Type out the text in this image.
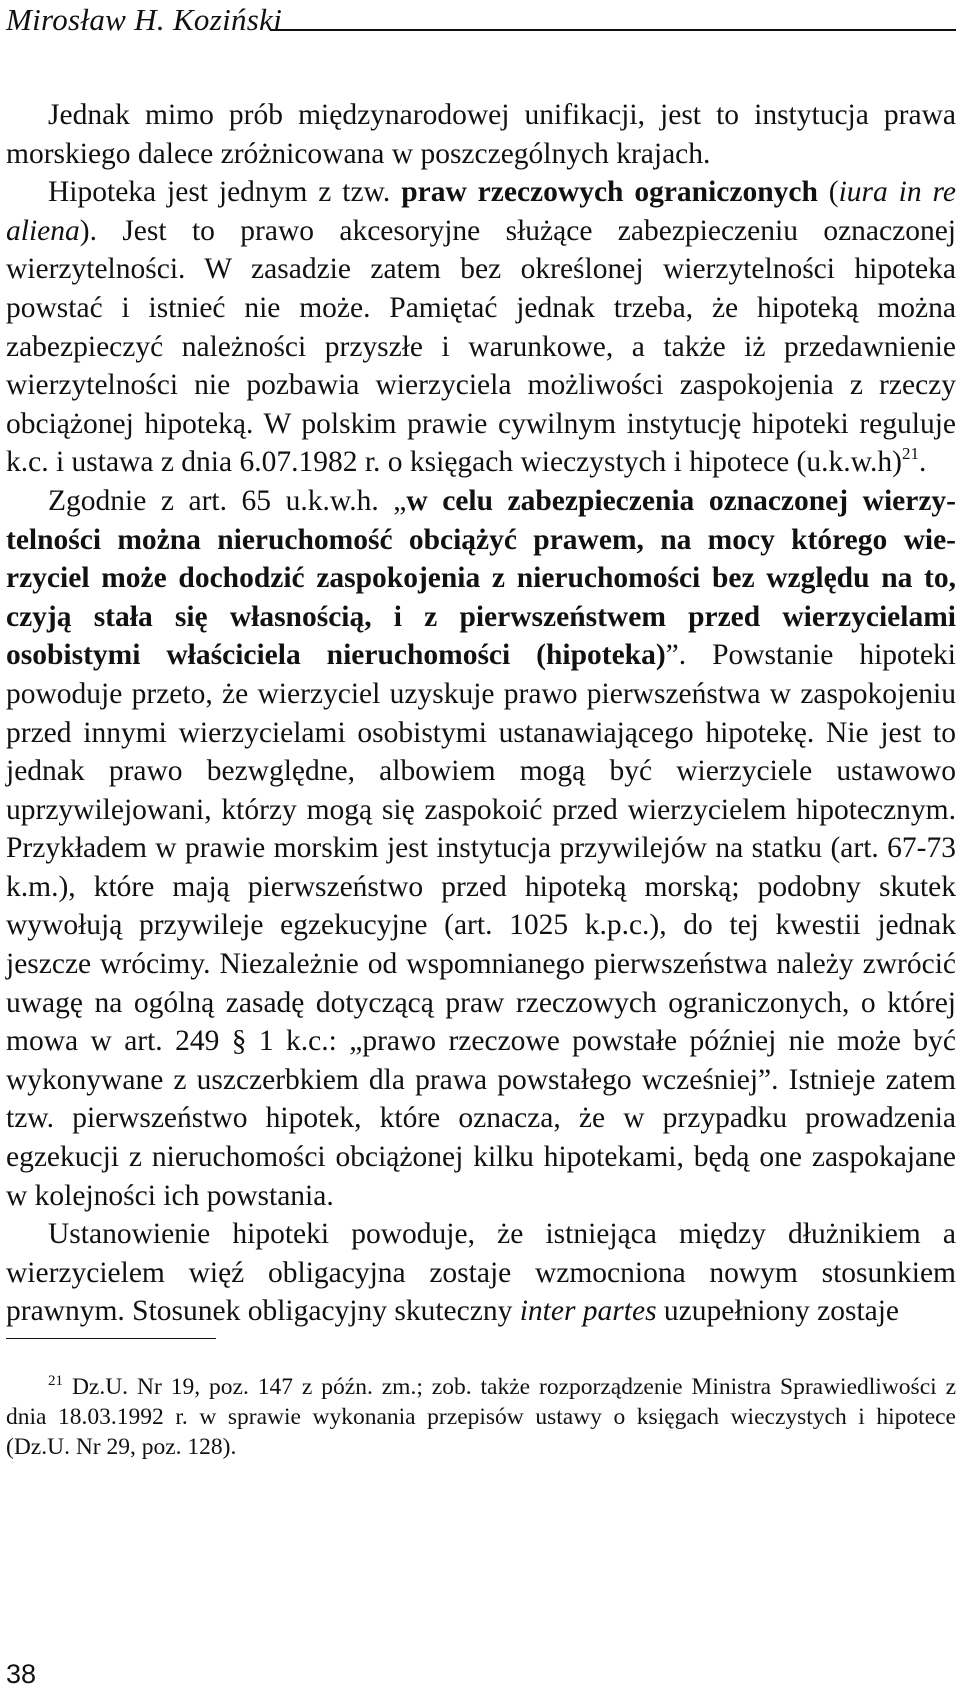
Mirosław H. Koziński

Jednak mimo prób międzynarodowej unifikacji, jest to instytucja prawa morskiego dalece zróżnicowana w poszczególnych krajach.

Hipoteka jest jednym z tzw. praw rzeczowych ograniczonych (iura in re aliena). Jest to prawo akcesoryjne służące zabezpieczeniu oznaczonej wierzytelności. W zasadzie zatem bez określonej wierzytelności hipoteka powstać i istnieć nie może. Pamiętać jednak trzeba, że hipoteką można zabezpieczyć należności przyszłe i warunkowe, a także iż przedawnienie wierzytelności nie pozbawia wierzyciela możliwości zaspokojenia z rzeczy obciążonej hipoteką. W polskim prawie cywilnym instytucję hipoteki reguluje k.c. i ustawa z dnia 6.07.1982 r. o księgach wieczystych i hipotece $(u.k.w.h)^{21}$.

Zgodnie z art. 65 u.k.w.h. „w celu zabezpieczenia oznaczonej wierzytelności można nieruchomość obciążyć prawem, na mocy którego wierzyciel może dochodzić zaspokojenia z nieruchomości bez względu na to, czyją stała się własnością, i z pierwszeństwem przed wierzycielami osobistymi właściciela nieruchomości (hipoteka)”. Powstanie hipoteki powoduje przeto, że wierzyciel uzyskuje prawo pierwszeństwa w zaspokojeniu przed innymi wierzycielami osobistymi ustanawiającego hipotekę. Nie jest to jednak prawo bezwględne, albowiem mogą być wierzyciele ustawowo uprzywilejowani, którzy mogą się zaspokoić przed wierzycielem hipotecznym. Przykładem w prawie morskim jest instytucja przywilejów na statku (art. 67-73 k.m.), które mają pierwszeństwo przed hipoteką morską; podobny skutek wywołują przywileje egzekucyjne (art. 1025 k.p.c.), do tej kwestii jednak jeszcze wrócimy. Niezależnie od wspomnianego pierwszeństwa należy zwrócić uwagę na ogólną zasadę dotyczącą praw rzeczowych ograniczonych, o której mowa w art. 249 § 1 k.c.: „prawo rzeczowe powstałe później nie może być wykonywane z uszczerbkiem dla prawa powstałego wcześniej”. Istnieje zatem tzw. pierwszeństwo hipotek, które oznacza, że w przypadku prowadzenia egzekucji z nieruchomości obciążonej kilku hipotekami, będą one zaspokajane w kolejności ich powstania.

Ustanowienie hipoteki powoduje, że istniejąca między dłużnikiem a wierzycielem więź obligacyjna zostaje wzmocniona nowym stosunkiem prawnym. Stosunek obligacyjny skuteczny inter partes uzupełniony zostaje

$^{21}$ Dz.U. Nr 19, poz. 147 z późn. zm.; zob. także rozporządzenie Ministra Sprawiedliwości z dnia 18.03.1992 r. w sprawie wykonania przepisów ustawy o księgach wieczystych i hipotece (Dz.U. Nr 29, poz. 128).

38
